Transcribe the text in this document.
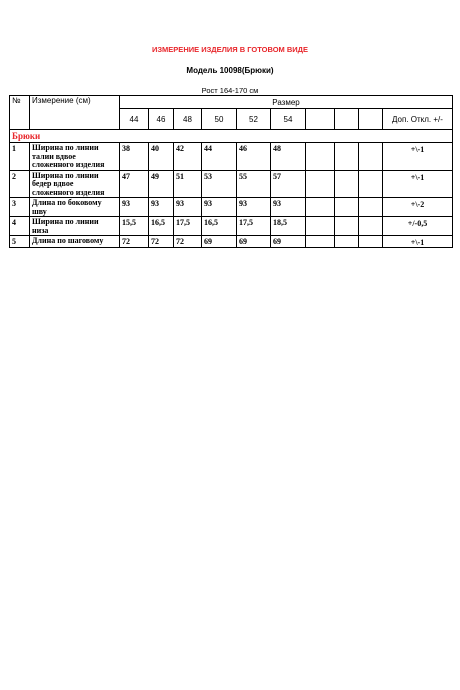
ИЗМЕРЕНИЕ ИЗДЕЛИЯ В ГОТОВОМ ВИДЕ
Модель 10098(Брюки)
Рост 164-170 см
№	Измерение (см)	Размер									
		44	46	48	50	52	54				Доп. Откл. +/-
Брюки											
1	Ширина по линии талии вдвое сложенного изделия	38	40	42	44	46	48				+\-1
2	Ширина по линии бедер вдвое сложенного изделия	47	49	51	53	55	57				+\-1
3	Длина по боковому шву	93	93	93	93	93	93				+\-2
4	Ширина по линии низа	15,5	16,5	17,5	16,5	17,5	18,5				+/-0,5
5	Длина по шаговому	72	72	72	69	69	69				+\-1
